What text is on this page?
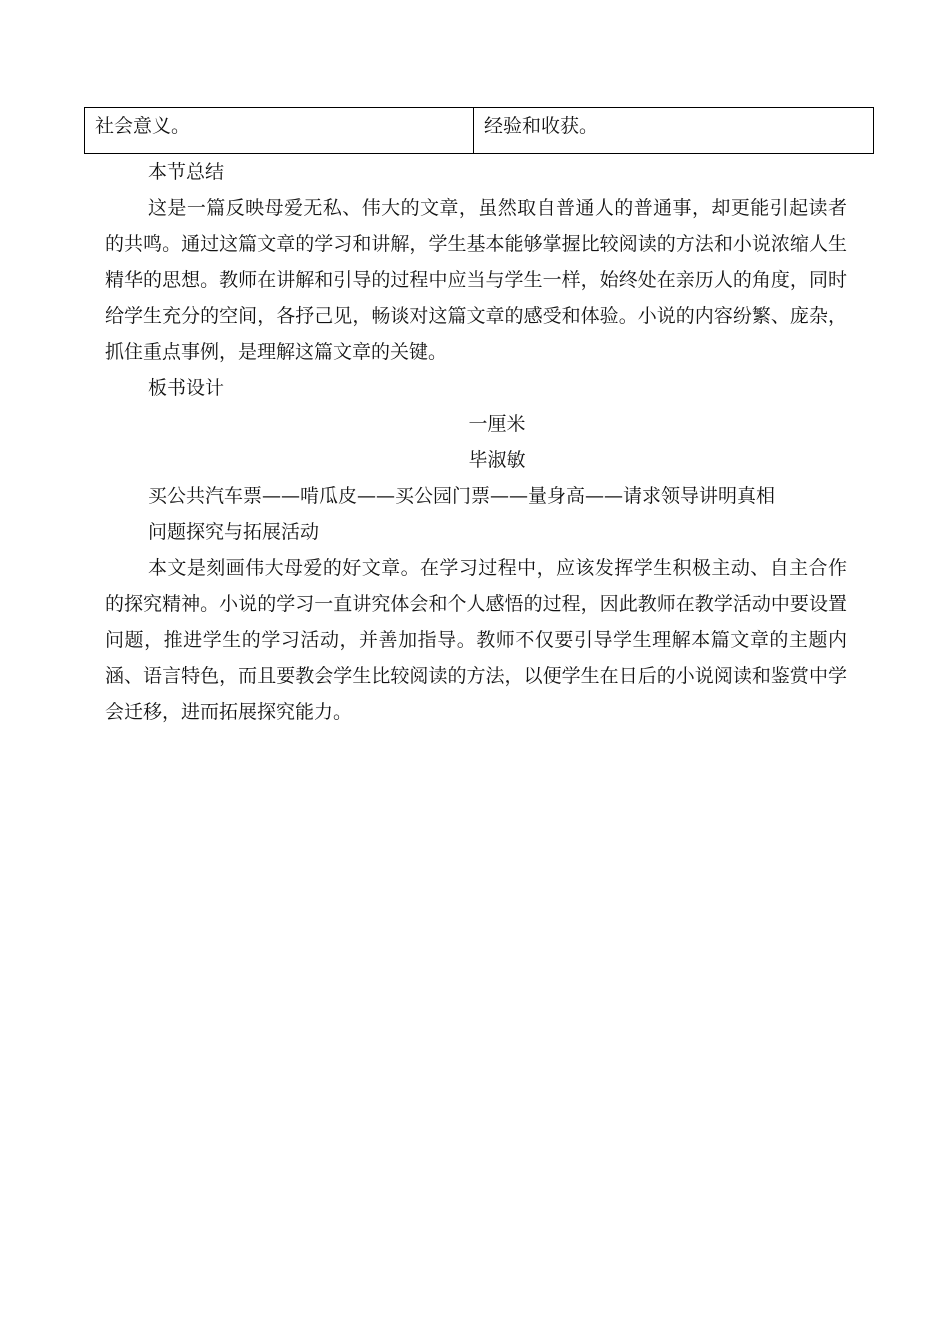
社会意义。	经验和收获。

本节总结

这是一篇反映母爱无私、伟大的文章，虽然取自普通人的普通事，却更能引起读者的共鸣。通过这篇文章的学习和讲解，学生基本能够掌握比较阅读的方法和小说浓缩人生精华的思想。教师在讲解和引导的过程中应当与学生一样，始终处在亲历人的角度，同时给学生充分的空间，各抒己见，畅谈对这篇文章的感受和体验。小说的内容纷繁、庞杂，抓住重点事例，是理解这篇文章的关键。

板书设计

一厘米

毕淑敏

买公共汽车票——啃瓜皮——买公园门票——量身高——请求领导讲明真相

问题探究与拓展活动

本文是刻画伟大母爱的好文章。在学习过程中，应该发挥学生积极主动、自主合作的探究精神。小说的学习一直讲究体会和个人感悟的过程，因此教师在教学活动中要设置问题，推进学生的学习活动，并善加指导。教师不仅要引导学生理解本篇文章的主题内涵、语言特色，而且要教会学生比较阅读的方法，以便学生在日后的小说阅读和鉴赏中学会迁移，进而拓展探究能力。
